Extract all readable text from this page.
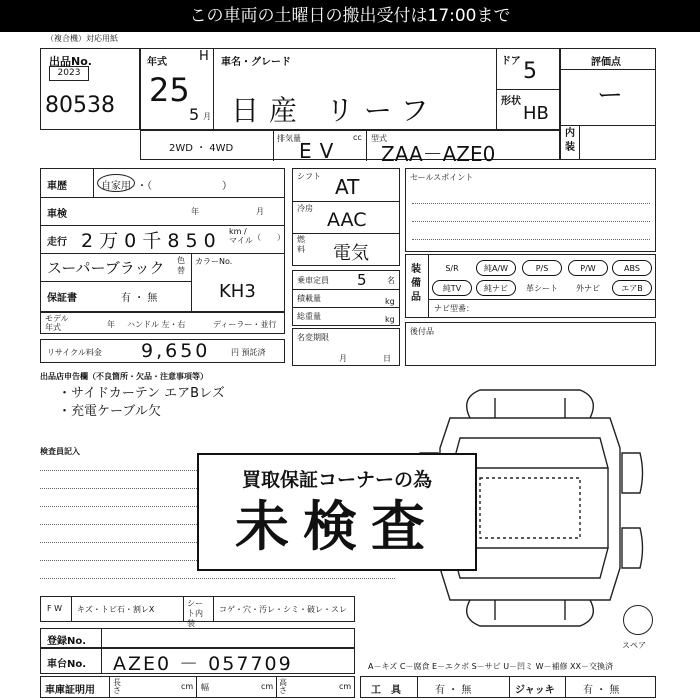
この車両の土曜日の搬出受付は17:00まで
（複合機）対応用紙
出品No.
2023
80538
年式 H
25
5 月
車名・グレード
日産 リーフ
ドア 5
形状
HB
評価点
ー
内装
2WD ・ 4WD
排気量	cc
EV
型式
ZAA－AZE0
車歴	自家用 ・（　　　　　　　）
車検	年	月
走行 2 万 0 千 8 5 0 km / マイル （　　）
スーパーブラック 色替
カラーNo.
KH3
保証書	有 ・ 無
モデル年式	年 ハンドル 左・右	ディーラー・並行
シフト AT
冷房
AAC
燃料 電気
乗車定員 5	名
積載量	kg
総重量	kg
セールスポイント
装備品
ナビ型番：
S/R	純A/W	P/S	P/W	ABS
純TV	純ナビ	革シート	外ナビ	エアB
リサイクル料金 9,650	円 預託済
名変期限
月	日
後付品
出品店申告欄（不良箇所・欠品・注意事項等）
・サイドカーテン エアBレズ
・充電ケーブル欠
検査員記入
スペア
買取保証コーナーの為
未検査
F W キズ・トビ石・割レX
シート内装
コゲ・穴・汚レ・シミ・破レ・スレ
登録No.
車台No. AZE0 － 057709
車庫証明用
長さ	cm 幅	cm 高さ	cm
A－キズ C－腐食 E－エクボ S－サビ U－凹ミ W－補修 XX－交換済
工　具	有 ・ 無	ジャッキ	有 ・ 無
